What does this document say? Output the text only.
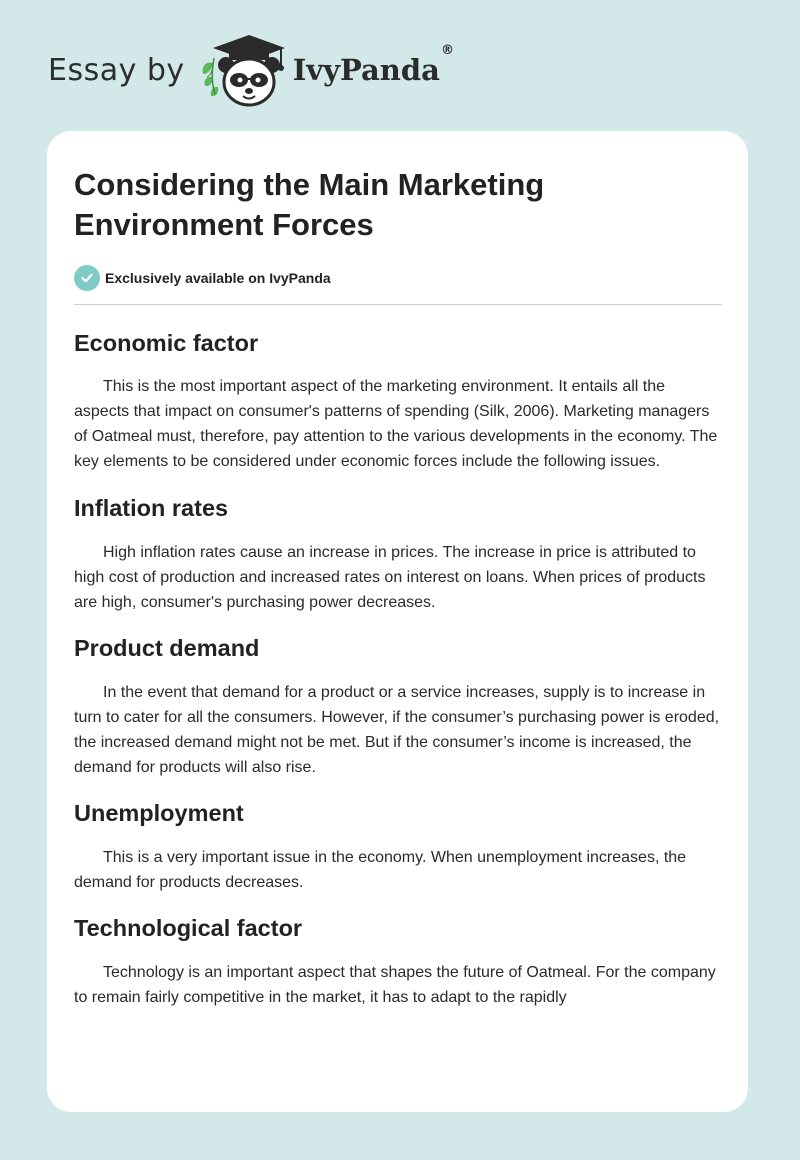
Essay by	IvyPanda®
Considering the Main Marketing Environment Forces
Exclusively available on IvyPanda
Economic factor

This is the most important aspect of the marketing environment. It entails all the aspects that impact on consumer's patterns of spending (Silk, 2006). Marketing managers of Oatmeal must, therefore, pay attention to the various developments in the economy. The key elements to be considered under economic forces include the following issues.

Inflation rates

High inflation rates cause an increase in prices. The increase in price is attributed to high cost of production and increased rates on interest on loans. When prices of products are high, consumer's purchasing power decreases.

Product demand

In the event that demand for a product or a service increases, supply is to increase in turn to cater for all the consumers. However, if the consumer’s purchasing power is eroded, the increased demand might not be met. But if the consumer’s income is increased, the demand for products will also rise.

Unemployment

This is a very important issue in the economy. When unemployment increases, the demand for products decreases.

Technological factor

Technology is an important aspect that shapes the future of Oatmeal. For the company to remain fairly competitive in the market, it has to adapt to the rapidly
